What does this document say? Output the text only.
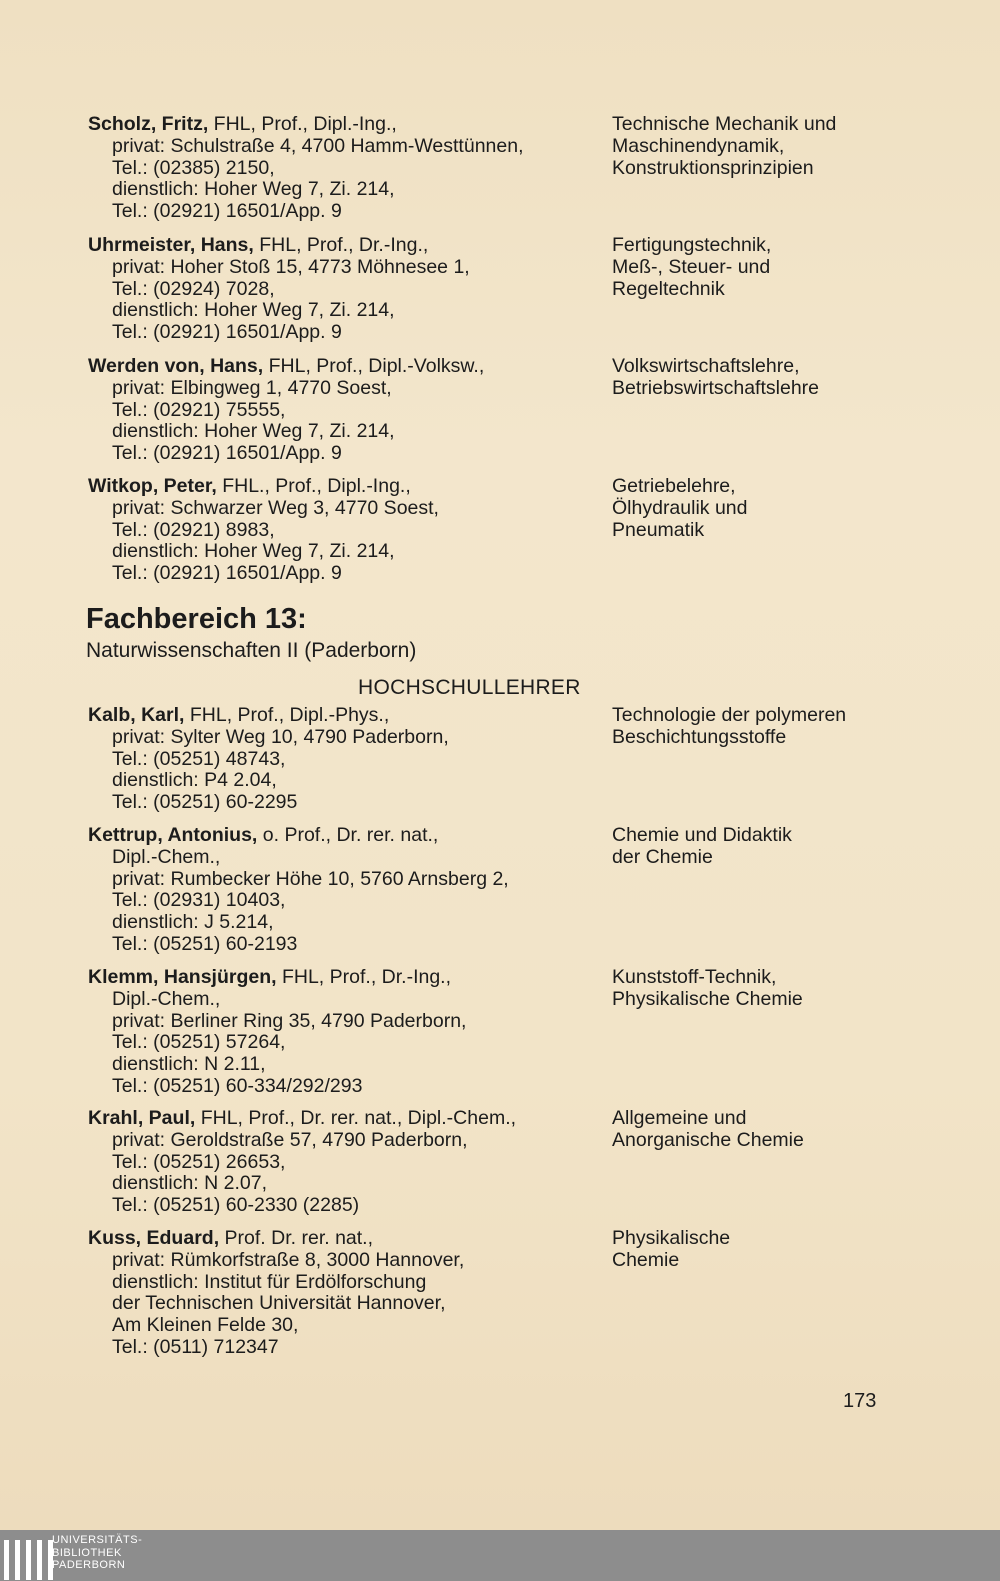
Scholz, Fritz, FHL, Prof., Dipl.-Ing.,
privat: Schulstraße 4, 4700 Hamm-Westtünnen,
Tel.: (02385) 2150,
dienstlich: Hoher Weg 7, Zi. 214,
Tel.: (02921) 16501/App. 9
Technische Mechanik und
Maschinendynamik,
Konstruktionsprinzipien
Uhrmeister, Hans, FHL, Prof., Dr.-Ing.,
privat: Hoher Stoß 15, 4773 Möhnesee 1,
Tel.: (02924) 7028,
dienstlich: Hoher Weg 7, Zi. 214,
Tel.: (02921) 16501/App. 9
Fertigungstechnik,
Meß-, Steuer- und
Regeltechnik
Werden von, Hans, FHL, Prof., Dipl.-Volksw.,
privat: Elbingweg 1, 4770 Soest,
Tel.: (02921) 75555,
dienstlich: Hoher Weg 7, Zi. 214,
Tel.: (02921) 16501/App. 9
Volkswirtschaftslehre,
Betriebswirtschaftslehre
Witkop, Peter, FHL., Prof., Dipl.-Ing.,
privat: Schwarzer Weg 3, 4770 Soest,
Tel.: (02921) 8983,
dienstlich: Hoher Weg 7, Zi. 214,
Tel.: (02921) 16501/App. 9
Getriebelehre,
Ölhydraulik und
Pneumatik
Fachbereich 13:
Naturwissenschaften II (Paderborn)
HOCHSCHULLEHRER
Kalb, Karl, FHL, Prof., Dipl.-Phys.,
privat: Sylter Weg 10, 4790 Paderborn,
Tel.: (05251) 48743,
dienstlich: P4 2.04,
Tel.: (05251) 60-2295
Technologie der polymeren
Beschichtungsstoffe
Kettrup, Antonius, o. Prof., Dr. rer. nat.,
Dipl.-Chem.,
privat: Rumbecker Höhe 10, 5760 Arnsberg 2,
Tel.: (02931) 10403,
dienstlich: J 5.214,
Tel.: (05251) 60-2193
Chemie und Didaktik
der Chemie
Klemm, Hansjürgen, FHL, Prof., Dr.-Ing.,
Dipl.-Chem.,
privat: Berliner Ring 35, 4790 Paderborn,
Tel.: (05251) 57264,
dienstlich: N 2.11,
Tel.: (05251) 60-334/292/293
Kunststoff-Technik,
Physikalische Chemie
Krahl, Paul, FHL, Prof., Dr. rer. nat., Dipl.-Chem.,
privat: Geroldstraße 57, 4790 Paderborn,
Tel.: (05251) 26653,
dienstlich: N 2.07,
Tel.: (05251) 60-2330 (2285)
Allgemeine und
Anorganische Chemie
Kuss, Eduard, Prof. Dr. rer. nat.,
privat: Rümkorfstraße 8, 3000 Hannover,
dienstlich: Institut für Erdölforschung
der Technischen Universität Hannover,
Am Kleinen Felde 30,
Tel.: (0511) 712347
Physikalische
Chemie
173
UNIVERSITÄTS-
BIBLIOTHEK
PADERBORN
